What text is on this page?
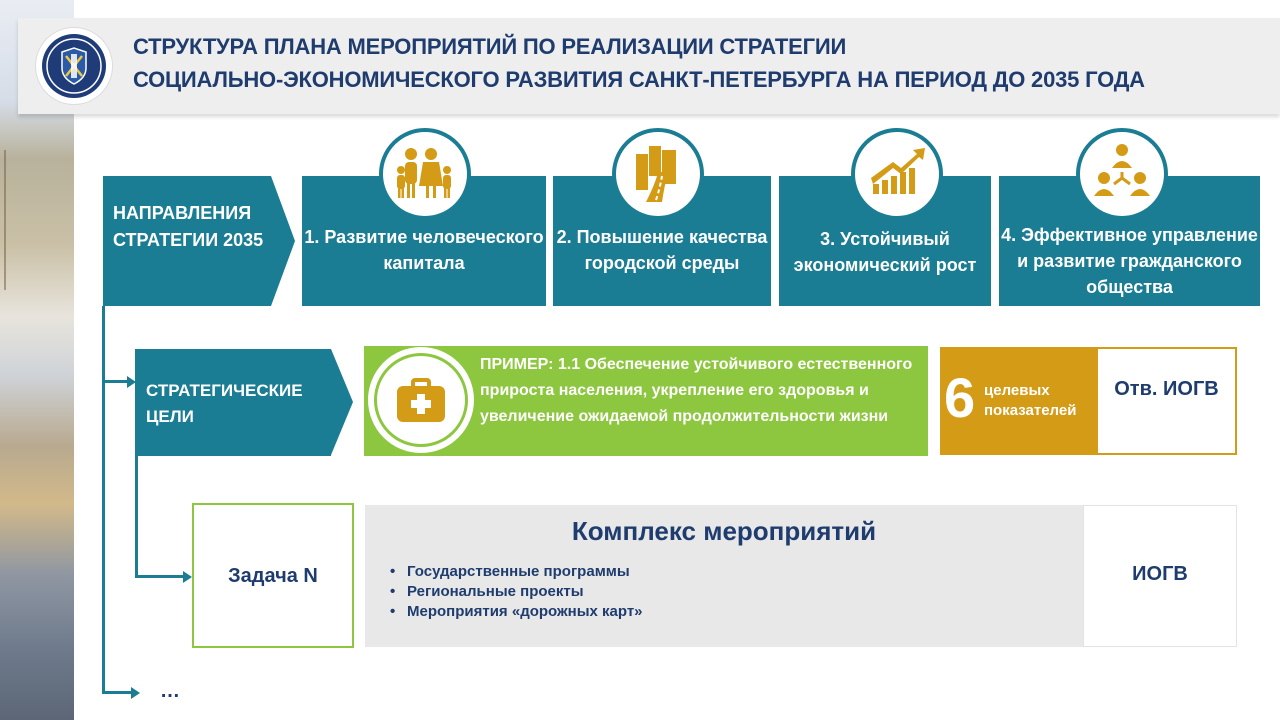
СТРУКТУРА ПЛАНА МЕРОПРИЯТИЙ ПО РЕАЛИЗАЦИИ СТРАТЕГИИ
СОЦИАЛЬНО-ЭКОНОМИЧЕСКОГО РАЗВИТИЯ САНКТ-ПЕТЕРБУРГА НА ПЕРИОД ДО 2035 ГОДА
НАПРАВЛЕНИЯ СТРАТЕГИИ 2035	1. Развитие человеческого капитала
2. Повышение качества городской среды
3. Устойчивый экономический рост
4. Эффективное управление и развитие гражданского общества
СТРАТЕГИЧЕСКИЕ ЦЕЛИ
ПРИМЕР: 1.1 Обеспечение устойчивого естественного прироста населения, укрепление его здоровья и увеличение ожидаемой продолжительности жизни 6 целевых показателей
Отв. ИОГВ
Задача N
Комплекс мероприятий
• Государственные программы
• Региональные проекты
• Мероприятия «дорожных карт»
ИОГВ
…
